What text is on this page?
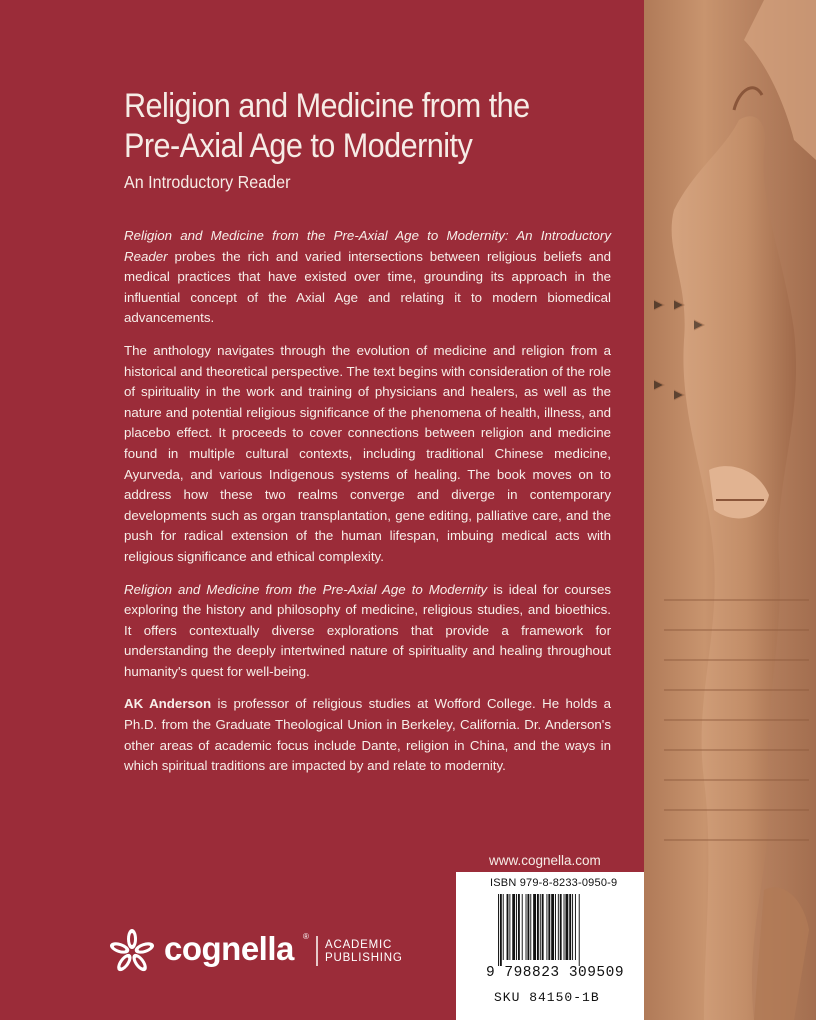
Religion and Medicine from the
Pre-Axial Age to Modernity
An Introductory Reader

Religion and Medicine from the Pre-Axial Age to Modernity: An Introductory Reader probes the rich and varied intersections between religious beliefs and medical practices that have existed over time, grounding its approach in the influential concept of the Axial Age and relating it to modern biomedical advancements.

The anthology navigates through the evolution of medicine and religion from a historical and theoretical perspective. The text begins with consideration of the role of spirituality in the work and training of physicians and healers, as well as the nature and potential religious significance of the phenomena of health, illness, and placebo effect. It proceeds to cover connections between religion and medicine found in multiple cultural contexts, including traditional Chinese medicine, Ayurveda, and various Indigenous systems of healing. The book moves on to address how these two realms converge and diverge in contemporary developments such as organ transplantation, gene editing, palliative care, and the push for radical extension of the human lifespan, imbuing medical acts with religious significance and ethical complexity.

Religion and Medicine from the Pre-Axial Age to Modernity is ideal for courses exploring the history and philosophy of medicine, religious studies, and bioethics. It offers contextually diverse explorations that provide a framework for understanding the deeply intertwined nature of spirituality and healing throughout humanity's quest for well-being.

AK Anderson is professor of religious studies at Wofford College. He holds a Ph.D. from the Graduate Theological Union in Berkeley, California. Dr. Anderson's other areas of academic focus include Dante, religion in China, and the ways in which spiritual traditions are impacted by and relate to modernity.

www.cognella.com
ISBN 979-8-8233-0950-9
9 798823 309509
SKU 84150-1B
cognella ®
ACADEMIC
PUBLISHING
